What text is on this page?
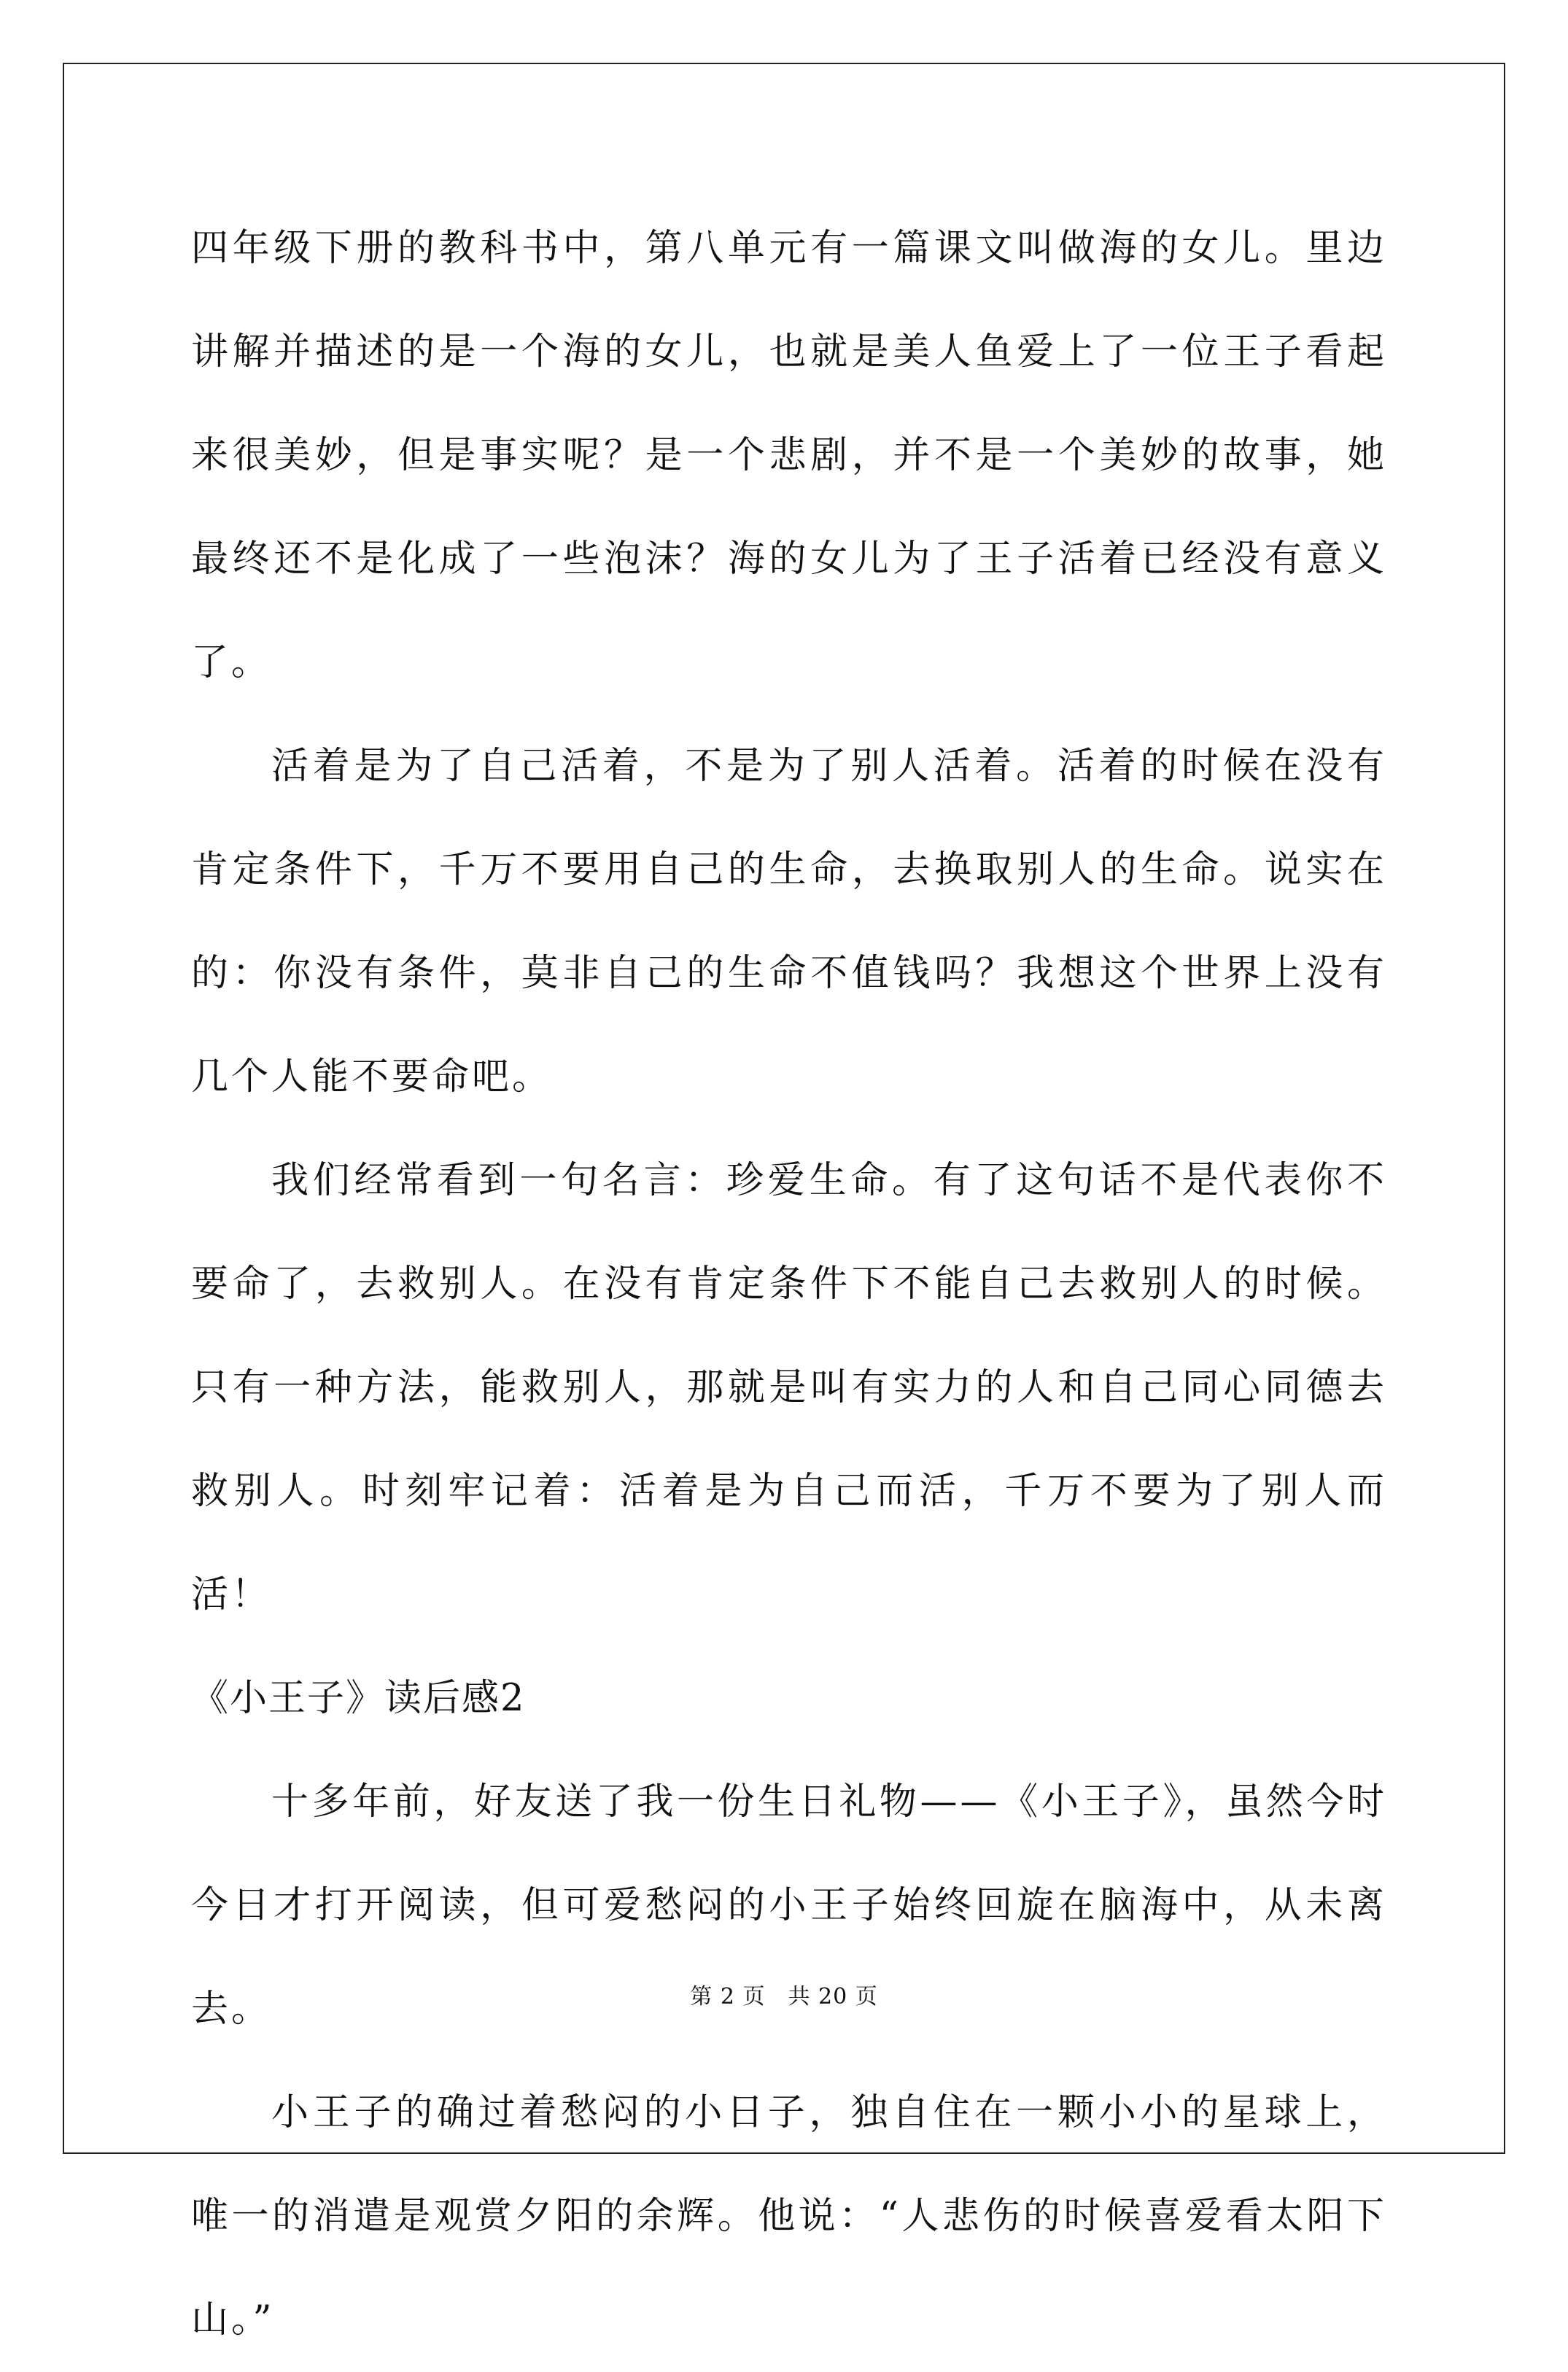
四年级下册的教科书中，第八单元有一篇课文叫做海的女儿。里边讲解并描述的是一个海的女儿，也就是美人鱼爱上了一位王子看起来很美妙，但是事实呢？是一个悲剧，并不是一个美妙的故事，她最终还不是化成了一些泡沫？海的女儿为了王子活着已经没有意义了。

活着是为了自己活着，不是为了别人活着。活着的时候在没有肯定条件下，千万不要用自己的生命，去换取别人的生命。说实在的：你没有条件，莫非自己的生命不值钱吗？我想这个世界上没有几个人能不要命吧。

我们经常看到一句名言：珍爱生命。有了这句话不是代表你不要命了，去救别人。在没有肯定条件下不能自己去救别人的时候。只有一种方法，能救别人，那就是叫有实力的人和自己同心同德去救别人。时刻牢记着：活着是为自己而活，千万不要为了别人而活！

《小王子》读后感2

十多年前，好友送了我一份生日礼物——《小王子》，虽然今时今日才打开阅读，但可爱愁闷的小王子始终回旋在脑海中，从未离去。

小王子的确过着愁闷的小日子，独自住在一颗小小的星球上，唯一的消遣是观赏夕阳的余辉。他说：“人悲伤的时候喜爱看太阳下山。”

第 2 页　共 20 页
